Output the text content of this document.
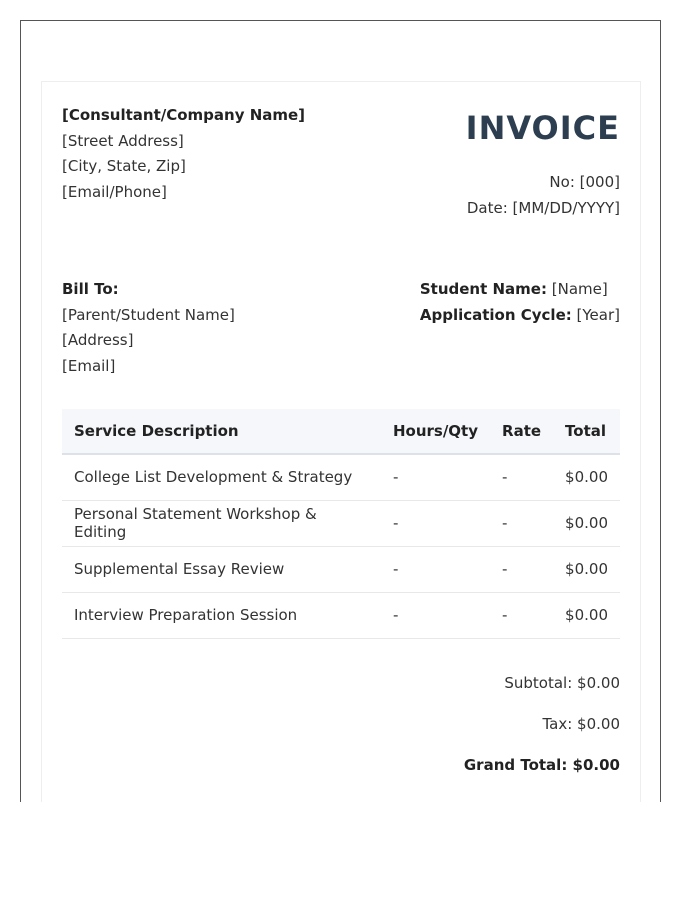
[Consultant/Company Name]
[Street Address]
[City, State, Zip]
[Email/Phone]
INVOICE
No: [000]
Date: [MM/DD/YYYY]
Bill To:
[Parent/Student Name]
[Address]
[Email]
Student Name: [Name]
Application Cycle: [Year]
Service Description	Hours/Qty	Rate	Total
College List Development & Strategy	-	-	$0.00
Personal Statement Workshop & Editing	-	-	$0.00
Supplemental Essay Review	-	-	$0.00
Interview Preparation Session	-	-	$0.00
Subtotal: $0.00
Tax: $0.00
Grand Total: $0.00
